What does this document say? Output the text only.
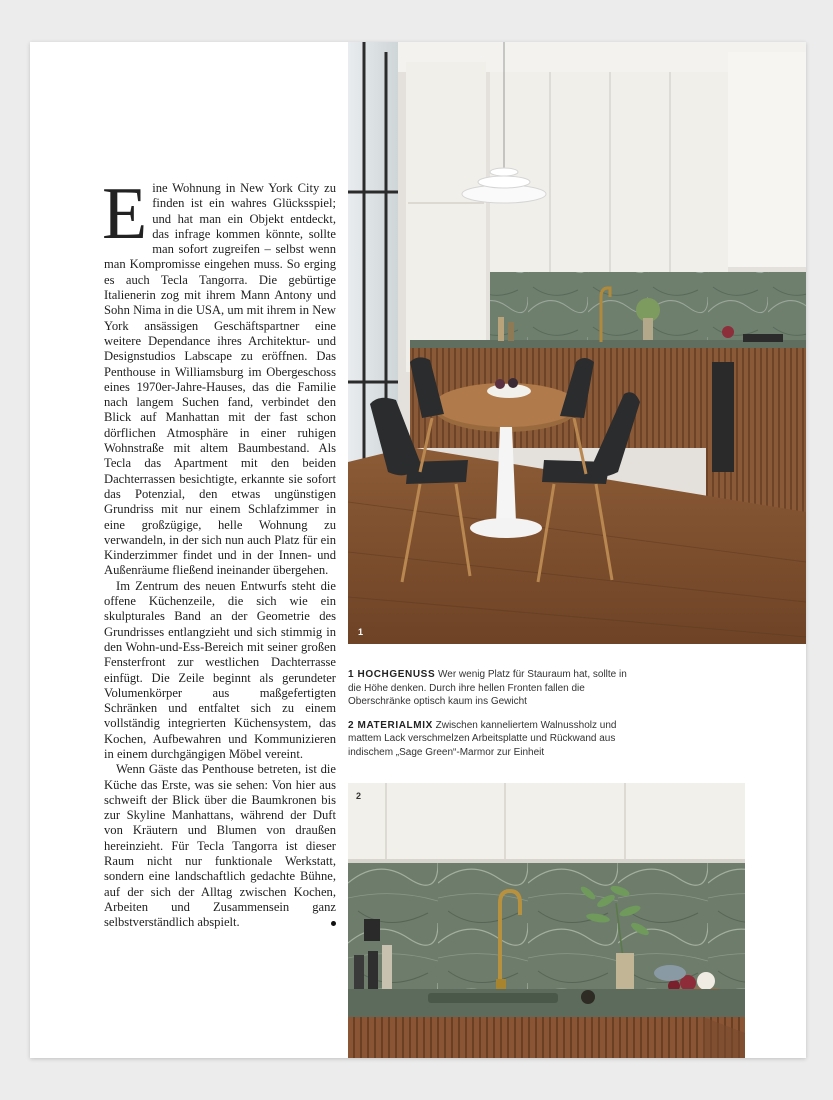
Eine Wohnung in New York City zu finden ist ein wahres Glücksspiel; und hat man ein Objekt entdeckt, das infrage kommen könnte, sollte man sofort zugreifen – selbst wenn man Kompromisse eingehen muss. So erging es auch Tecla Tangorra. Die gebürtige Italienerin zog mit ihrem Mann Antony und Sohn Nima in die USA, um mit ihrem in New York ansässigen Geschäftspartner eine weitere Dependance ihres Architektur- und Designstudios Labscape zu eröffnen. Das Penthouse in Williamsburg im Obergeschoss eines 1970er-Jahre-Hauses, das die Familie nach langem Suchen fand, verbindet den Blick auf Manhattan mit der fast schon dörflichen Atmosphäre in einer ruhigen Wohnstraße mit altem Baumbestand. Als Tecla das Apartment mit den beiden Dachterrassen besichtigte, erkannte sie sofort das Potenzial, den etwas ungünstigen Grundriss mit nur einem Schlafzimmer in eine großzügige, helle Wohnung zu verwandeln, in der sich nun auch Platz für ein Kinderzimmer findet und in der Innen- und Außenräume fließend ineinander übergehen.

Im Zentrum des neuen Entwurfs steht die offene Küchenzeile, die sich wie ein skulpturales Band an der Geometrie des Grundrisses entlangzieht und sich stimmig in den Wohn-und-Ess-Bereich mit seiner großen Fensterfront zur westlichen Dachterrasse einfügt. Die Zeile beginnt als gerundeter Volumenkörper aus maßgefertigten Schränken und entfaltet sich zu einem vollständig integrierten Küchensystem, das Kochen, Aufbewahren und Kommunizieren in einem durchgängigen Möbel vereint.

Wenn Gäste das Penthouse betreten, ist die Küche das Erste, was sie sehen: Von hier aus schweift der Blick über die Baumkronen bis zur Skyline Manhattans, während der Duft von Kräutern und Blumen von draußen hereinzieht. Für Tecla Tangorra ist dieser Raum nicht nur funktionale Werkstatt, sondern eine landschaftlich gedachte Bühne, auf der sich der Alltag zwischen Kochen, Arbeiten und Zusammensein ganz selbstverständlich abspielt.

1

1 HOCHGENUSS Wer wenig Platz für Stauraum hat, sollte in die Höhe denken. Durch ihre hellen Fronten fallen die Oberschränke optisch kaum ins Gewicht

2 MATERIALMIX Zwischen kanneliertem Walnussholz und mattem Lack verschmelzen Arbeitsplatte und Rückwand aus indischem „Sage Green“-Marmor zur Einheit

2
